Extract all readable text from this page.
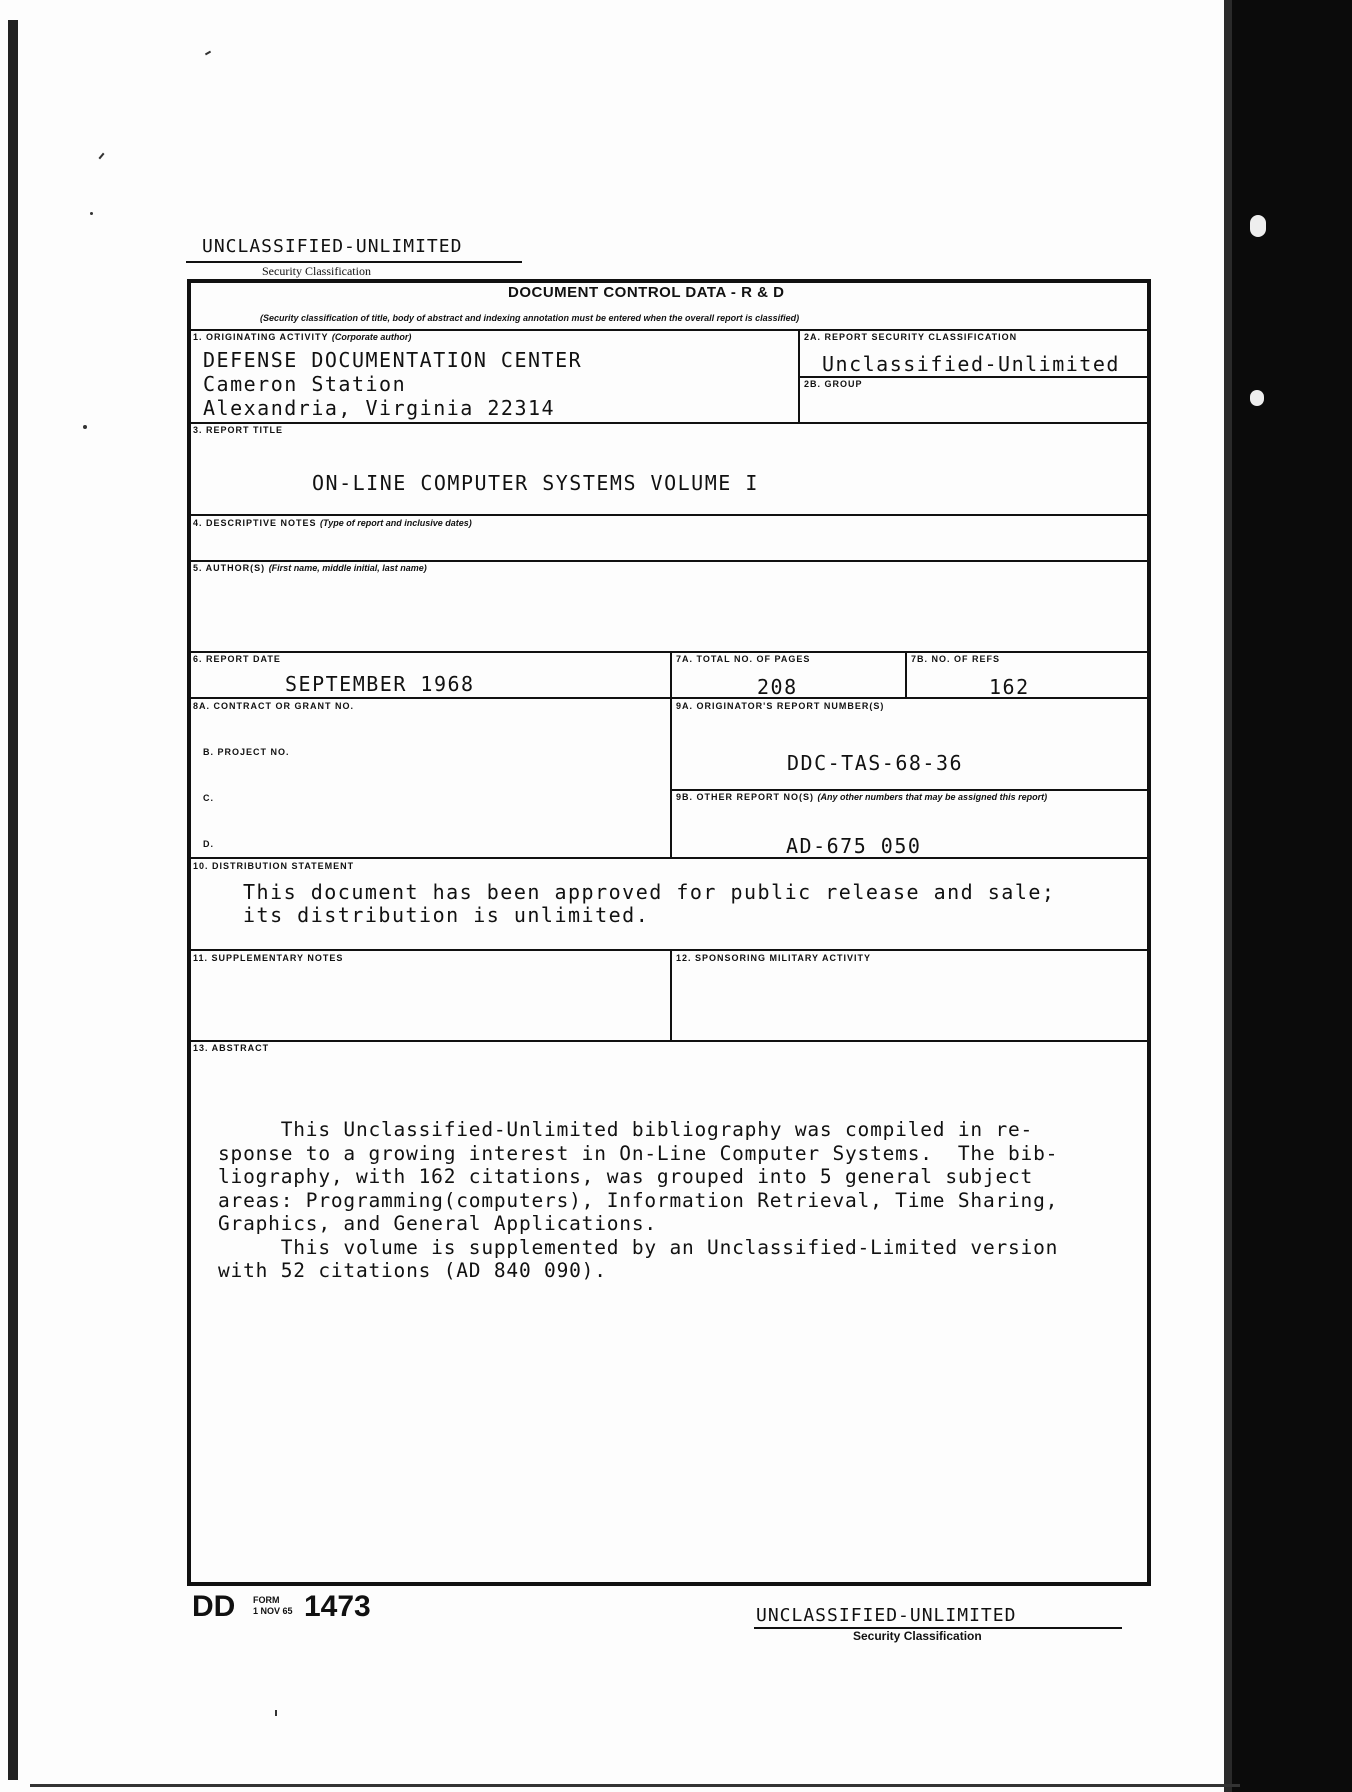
UNCLASSIFIED-UNLIMITED
Security Classification
DOCUMENT CONTROL DATA - R & D
(Security classification of title, body of abstract and indexing annotation must be entered when the overall report is classified)
1. ORIGINATING ACTIVITY (Corporate author)
DEFENSE DOCUMENTATION CENTER
Cameron Station
Alexandria, Virginia 22314
2A. REPORT SECURITY CLASSIFICATION
Unclassified-Unlimited
2B. GROUP
3. REPORT TITLE
ON-LINE COMPUTER SYSTEMS VOLUME I
4. DESCRIPTIVE NOTES (Type of report and inclusive dates)
5. AUTHOR(S) (First name, middle initial, last name)
6. REPORT DATE
SEPTEMBER 1968
7A. TOTAL NO. OF PAGES
208
7B. NO. OF REFS
162
8A. CONTRACT OR GRANT NO.
B. PROJECT NO.
C.
D.
9A. ORIGINATOR'S REPORT NUMBER(S)
DDC-TAS-68-36
9B. OTHER REPORT NO(S) (Any other numbers that may be assigned this report)
AD-675 050
10. DISTRIBUTION STATEMENT
This document has been approved for public release and sale;
its distribution is unlimited.
11. SUPPLEMENTARY NOTES	12. SPONSORING MILITARY ACTIVITY
13. ABSTRACT
This Unclassified-Unlimited bibliography was compiled in re-
sponse to a growing interest in On-Line Computer Systems.  The bib-
liography, with 162 citations, was grouped into 5 general subject
areas: Programming(computers), Information Retrieval, Time Sharing,
Graphics, and General Applications.
This volume is supplemented by an Unclassified-Limited version
with 52 citations (AD 840 090).
DD FORM
1 NOV 65 1473	UNCLASSIFIED-UNLIMITED
Security Classification
